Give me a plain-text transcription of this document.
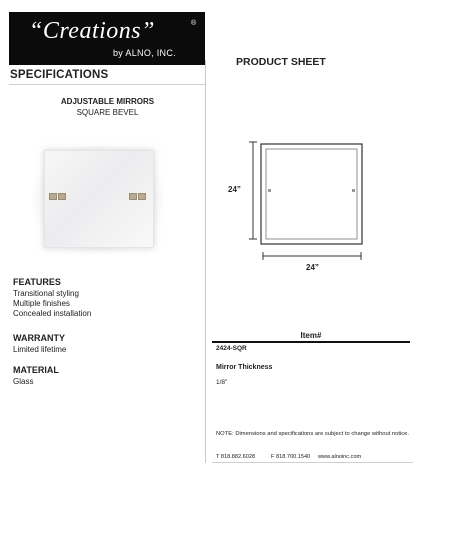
“Creations”	®
by ALNO, INC.
PRODUCT SHEET
SPECIFICATIONS
ADJUSTABLE MIRRORS
SQUARE BEVEL
FEATURES
Transitional styling
Multiple finishes
Concealed installation
WARRANTY
Limited lifetime
MATERIAL
Glass
24”
24”
Item#
2424-SQR
Mirror Thickness
1/8”
NOTE: Dimensions and specifications are subject to change without notice.
T 818.882.6028	F 818.700.1540 www.alnoinc.com
